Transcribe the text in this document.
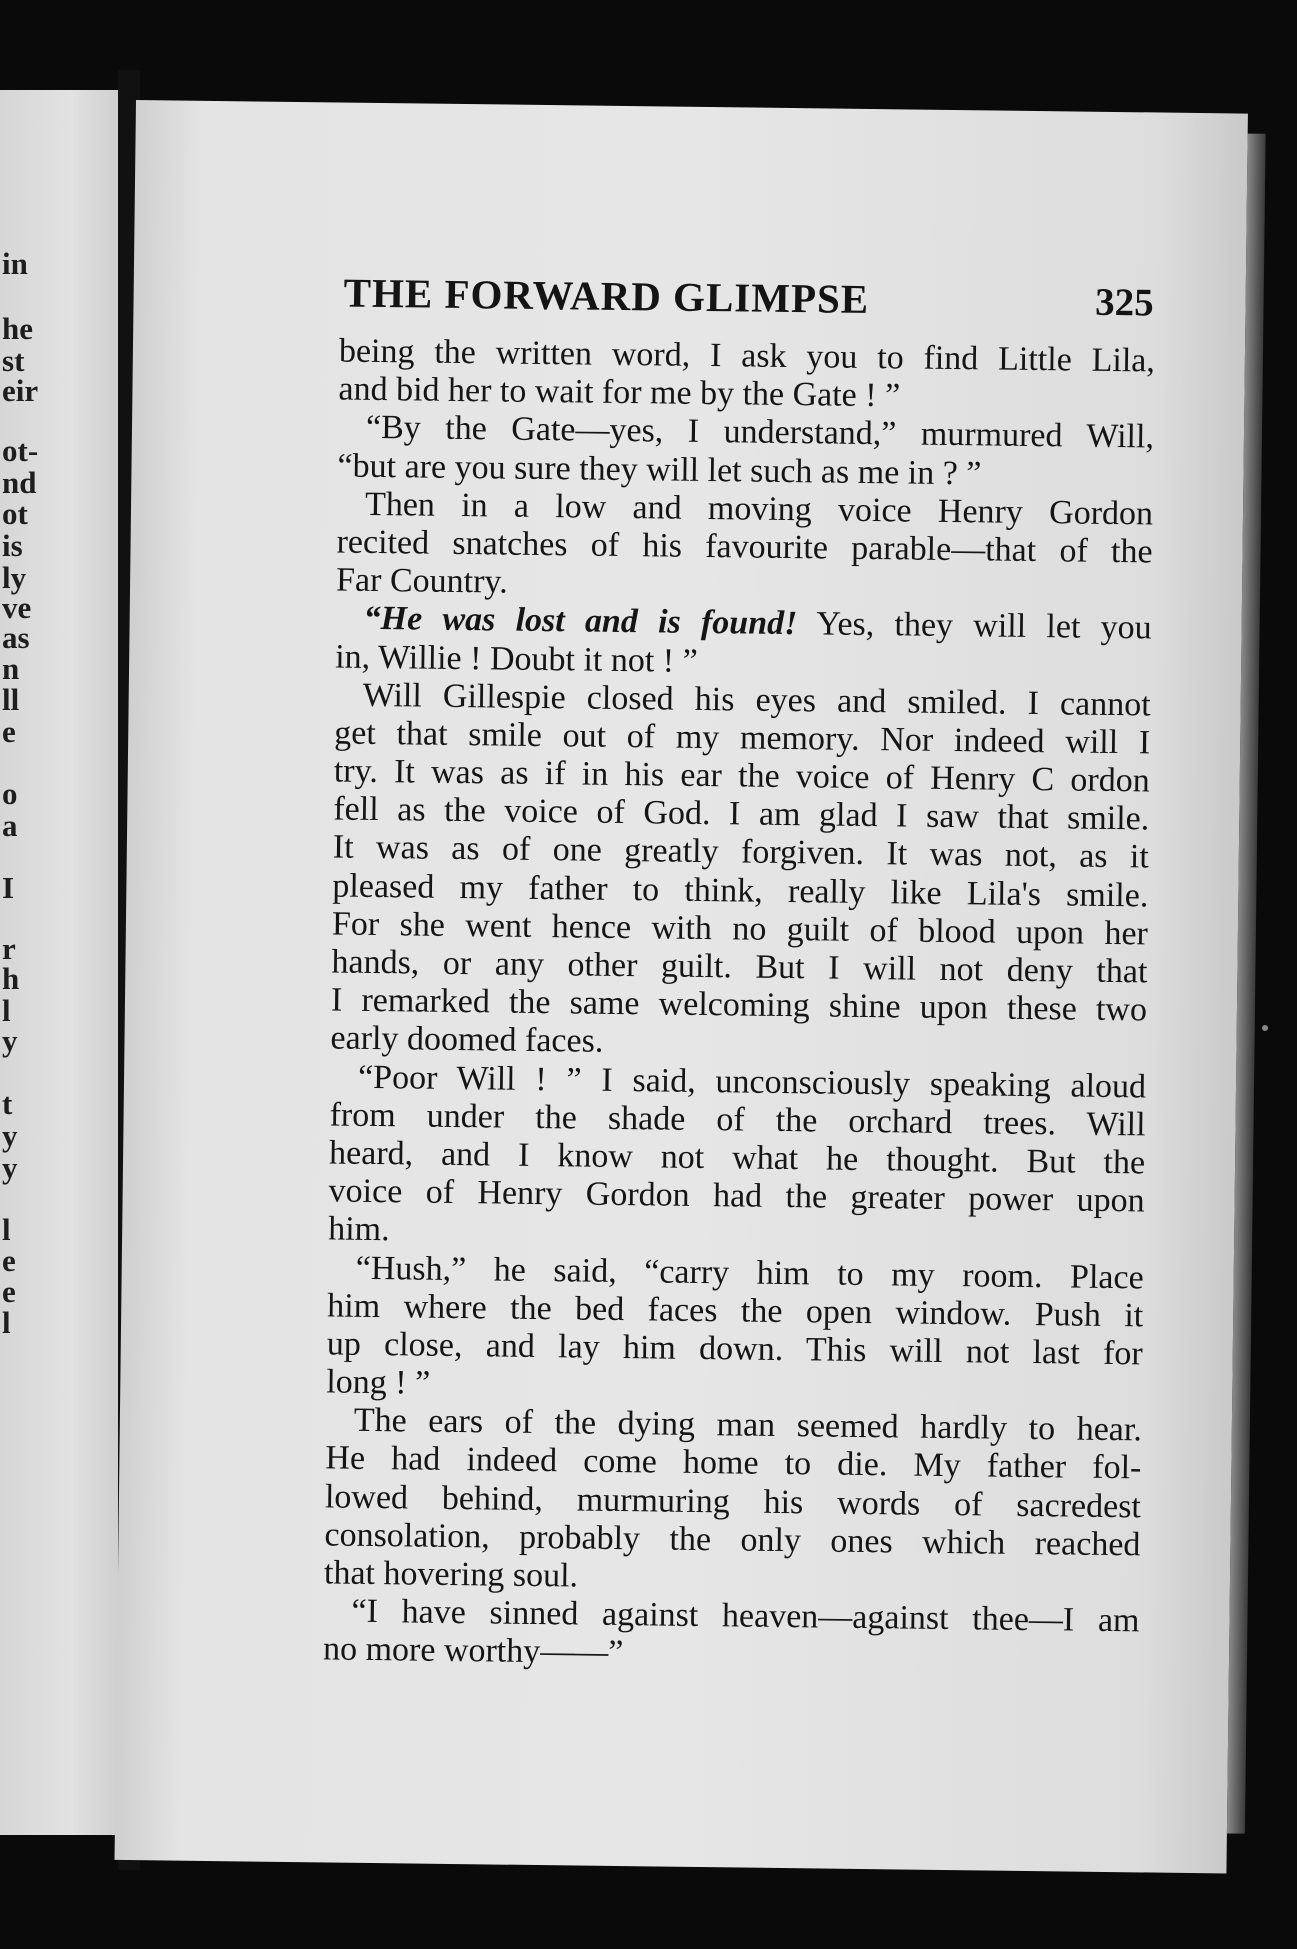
in
he
st
eir
ot-
nd
ot
is
ly
ve
as
n
ll
e
o
a
I
r
h
l
y
t
y
y
l
e
e
l
THE FORWARD GLIMPSE	325
being the written word, I ask you to find Little Lila,
and bid her to wait for me by the Gate ! ”
“By the Gate—yes, I understand,” murmured Will,
“but are you sure they will let such as me in ? ”
Then in a low and moving voice Henry Gordon
recited snatches of his favourite parable—that of the
Far Country.
“He was lost and is found! Yes, they will let you
in, Willie ! Doubt it not ! ”
Will Gillespie closed his eyes and smiled. I cannot
get that smile out of my memory. Nor indeed will I
try. It was as if in his ear the voice of Henry C ordon
fell as the voice of God. I am glad I saw that smile.
It was as of one greatly forgiven. It was not, as it
pleased my father to think, really like Lila's smile.
For she went hence with no guilt of blood upon her
hands, or any other guilt. But I will not deny that
I remarked the same welcoming shine upon these two
early doomed faces.
“Poor Will ! ” I said, unconsciously speaking aloud
from under the shade of the orchard trees. Will
heard, and I know not what he thought. But the
voice of Henry Gordon had the greater power upon
him.
“Hush,” he said, “carry him to my room. Place
him where the bed faces the open window. Push it
up close, and lay him down. This will not last for
long ! ”
The ears of the dying man seemed hardly to hear.
He had indeed come home to die. My father fol-
lowed behind, murmuring his words of sacredest
consolation, probably the only ones which reached
that hovering soul.
“I have sinned against heaven—against thee—I am
no more worthy——”
